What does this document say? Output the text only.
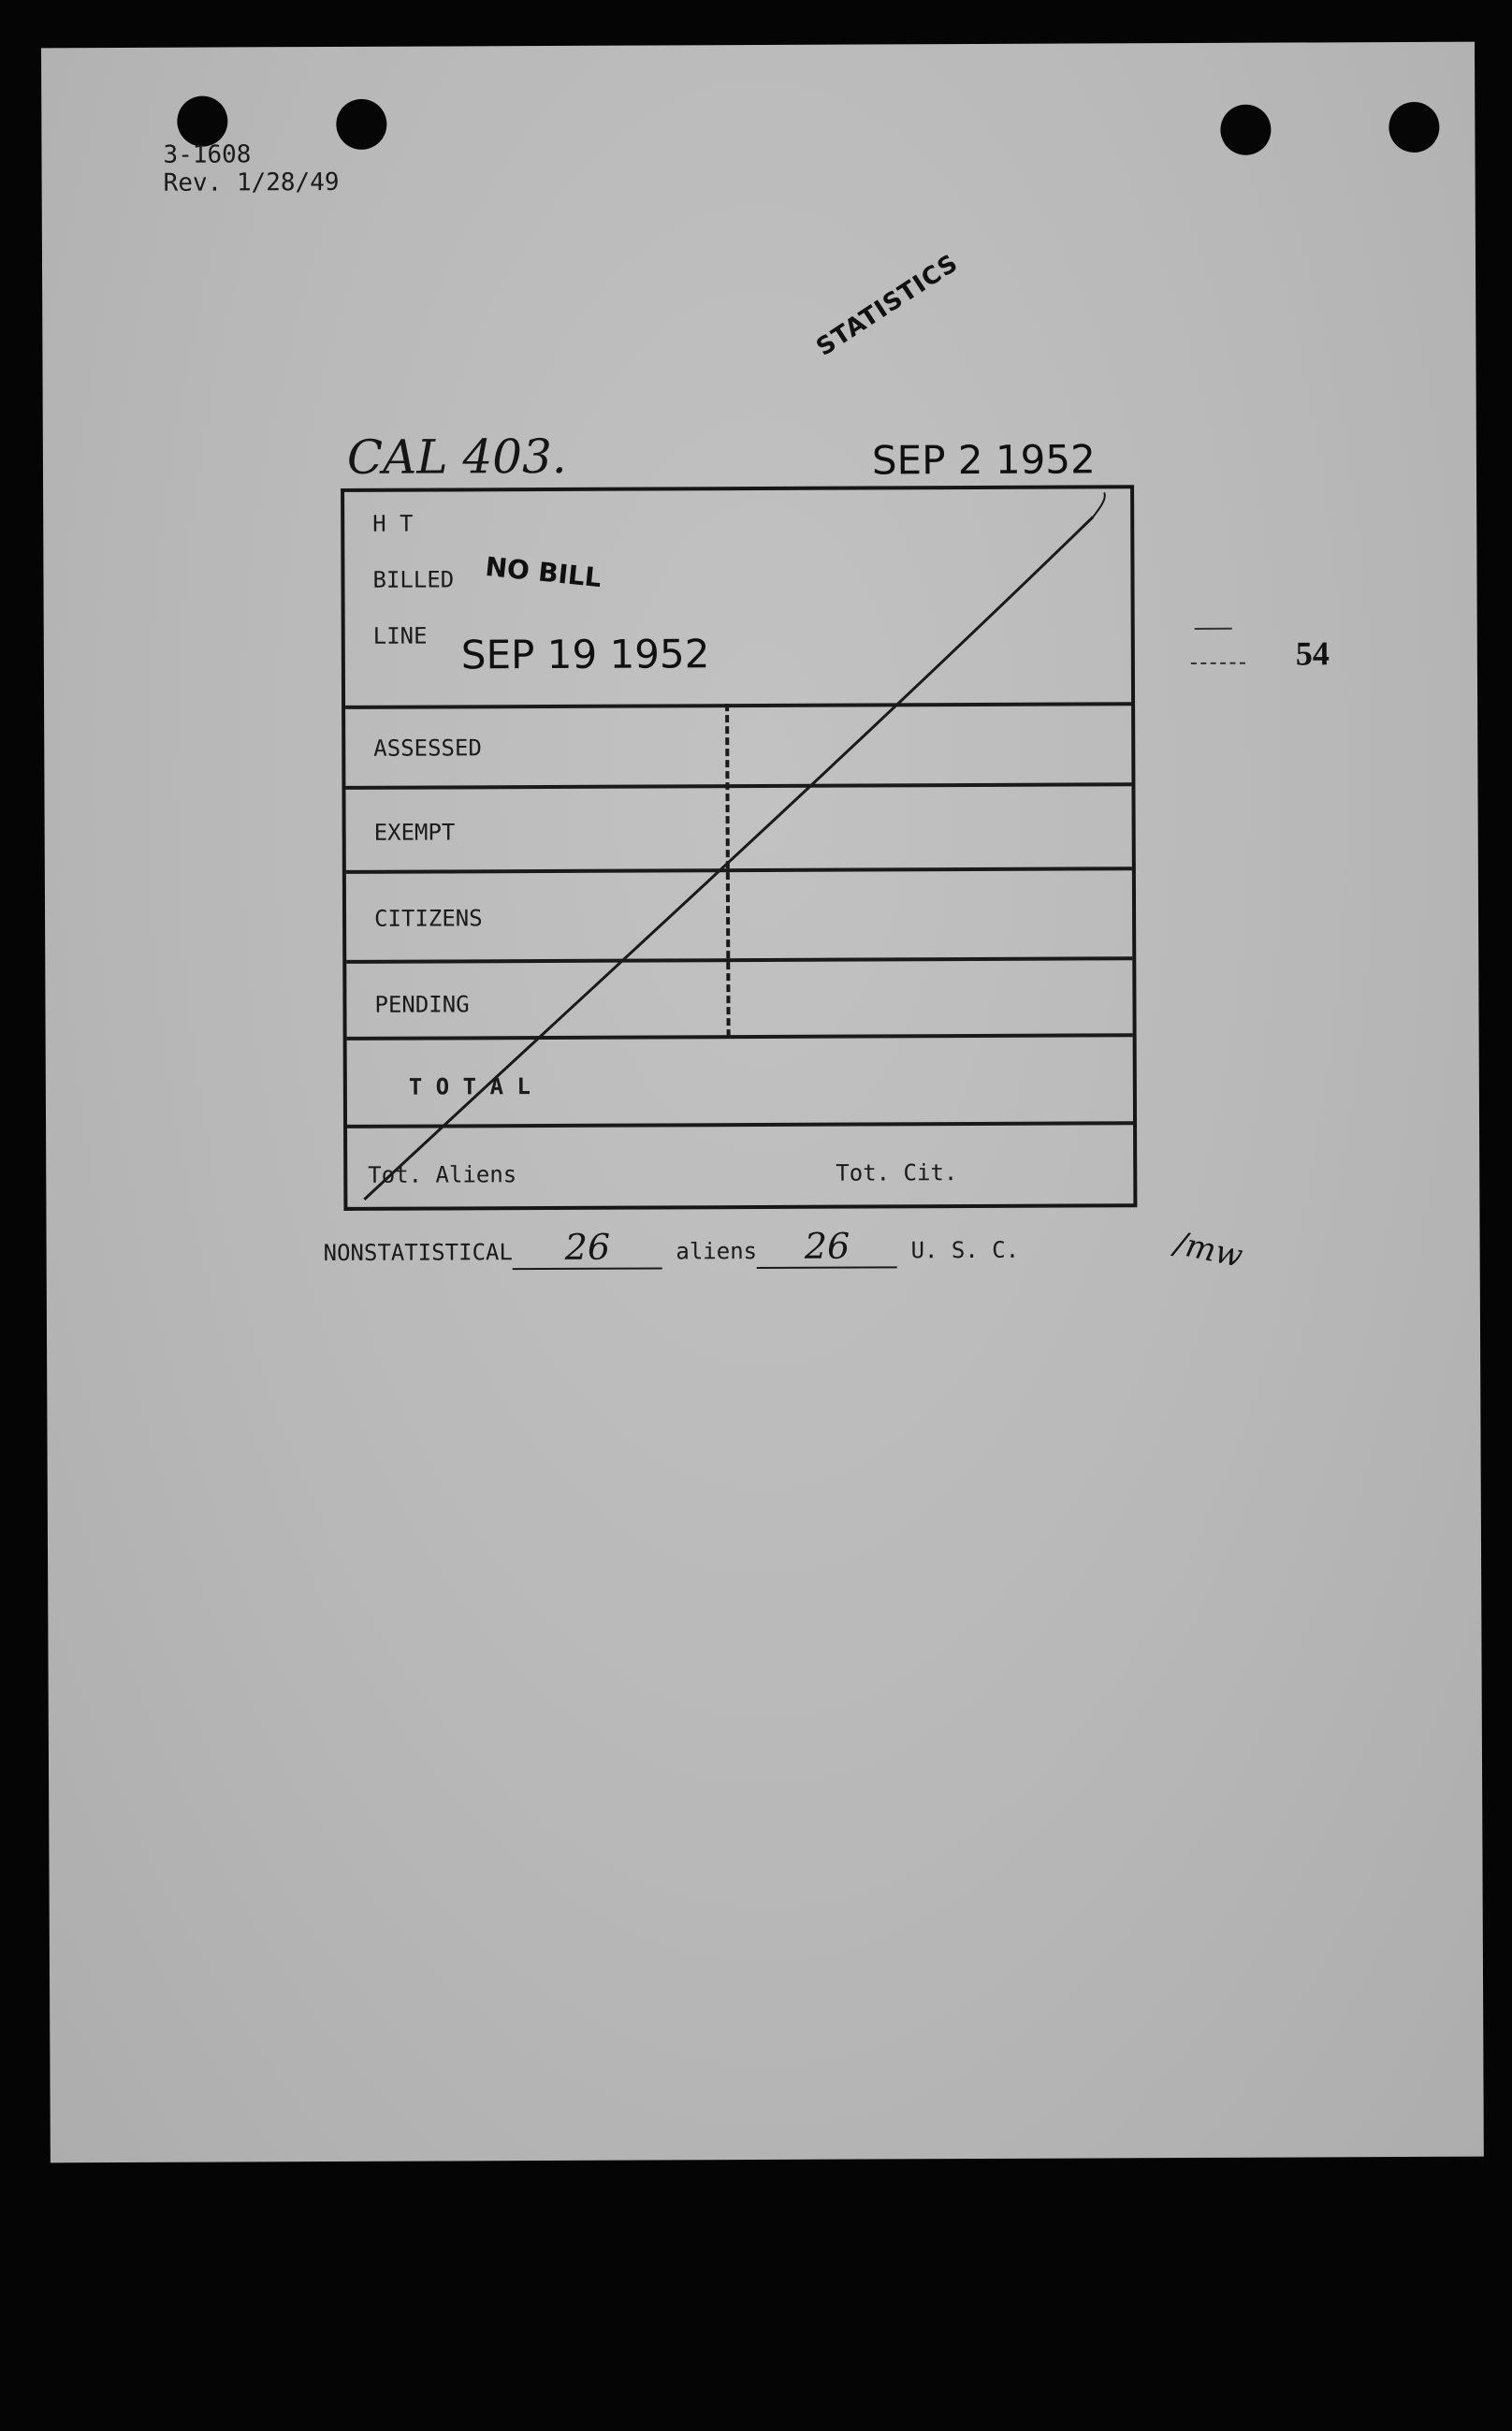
3-1608
Rev. 1/28/49
STATISTICS
CAL 403.	SEP 2 1952
54
H T
BILLED NO BILL
LINE SEP 19 1952
ASSESSED
EXEMPT
CITIZENS
PENDING
T O T A L
Tot. Aliens	Tot. Cit.
/mw
NONSTATISTICAL 26	aliens 26	U. S. C.
